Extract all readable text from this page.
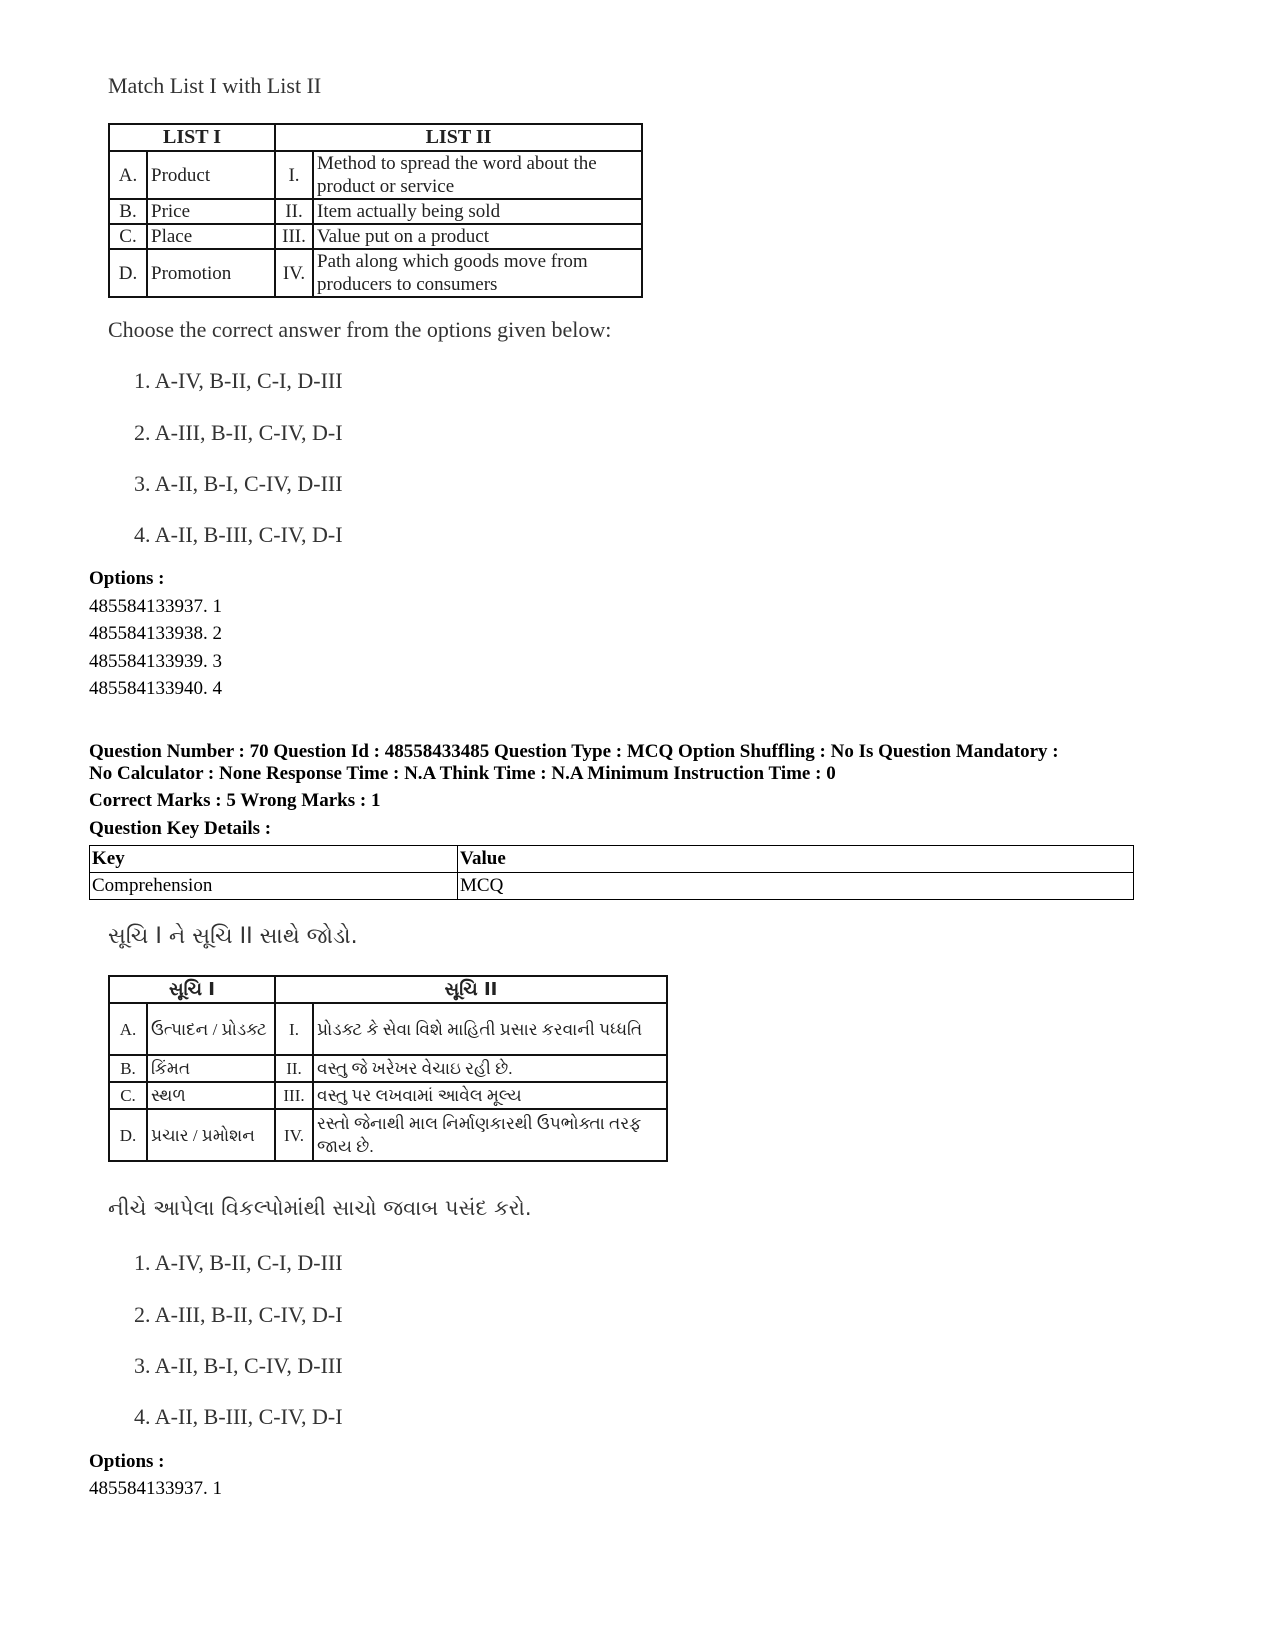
Match List I with List II
LIST I		LIST II	
A.	Product	I.	Method to spread the word about the product or service
B.	Price	II.	Item actually being sold
C.	Place	III.	Value put on a product
D.	Promotion	IV.	Path along which goods move from producers to consumers
Choose the correct answer from the options given below:
1. A-IV, B-II, C-I, D-III
2. A-III, B-II, C-IV, D-I
3. A-II, B-I, C-IV, D-III
4. A-II, B-III, C-IV, D-I
Options :
485584133937. 1
485584133938. 2
485584133939. 3
485584133940. 4
Question Number : 70 Question Id : 48558433485 Question Type : MCQ Option Shuffling : No Is Question Mandatory :
No Calculator : None Response Time : N.A Think Time : N.A Minimum Instruction Time : 0
Correct Marks : 5 Wrong Marks : 1
Question Key Details :
Key	Value
Comprehension	MCQ
સૂચિ I ને સૂચિ II સાથે જોડો.
સૂચિ I		સૂચિ II	
A.	ઉત્પાદન / પ્રોડક્ટ	I.	પ્રોડક્ટ કે સેવા વિશે માહિતી પ્રસાર કરવાની પધ્ધતિ
B.	કિંમત	II.	વસ્તુ જે ખરેખર વેચાઇ રહી છે.
C.	સ્થળ	III.	વસ્તુ પર લખવામાં આવેલ મૂલ્ય
D.	પ્રચાર / પ્રમોશન	IV.	રસ્તો જેનાથી માલ નિર્માણકારથી ઉપભોક્તા તરફ જાય છે.
નીચે આપેલા વિકલ્પોમાંથી સાચો જવાબ પસંદ કરો.
1. A-IV, B-II, C-I, D-III
2. A-III, B-II, C-IV, D-I
3. A-II, B-I, C-IV, D-III
4. A-II, B-III, C-IV, D-I
Options :
485584133937. 1
